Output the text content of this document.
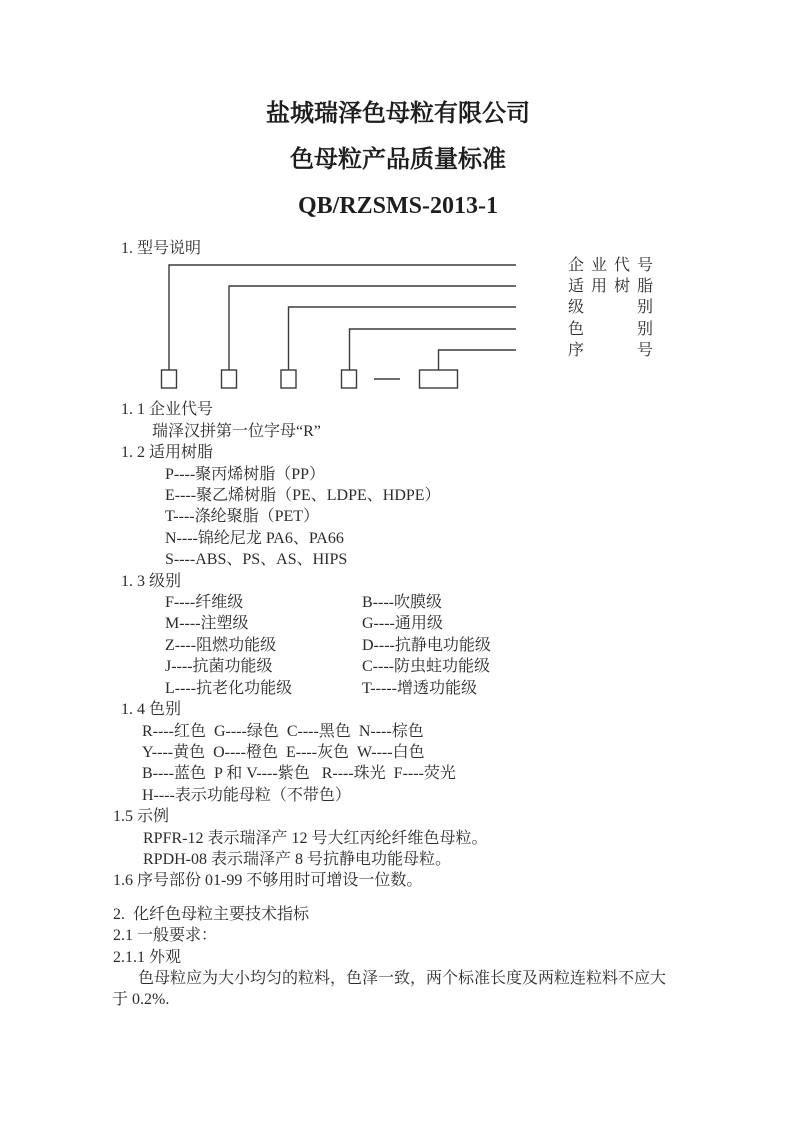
盐城瑞泽色母粒有限公司
色母粒产品质量标准
QB/RZSMS-2013-1
1. 型号说明
企业代号
适用树脂
级别
色别
序号
1. 1 企业代号
瑞泽汉拼第一位字母“R”
1. 2 适用树脂
P----聚丙烯树脂（PP）
E----聚乙烯树脂（PE、LDPE、HDPE）
T----涤纶聚脂（PET）
N----锦纶尼龙 PA6、PA66
S----ABS、PS、AS、HIPS
1. 3 级别
F----纤维级	B----吹膜级
M----注塑级	G----通用级
Z----阻燃功能级	D----抗静电功能级
J----抗菌功能级	C----防虫蛀功能级
L----抗老化功能级	T-----增透功能级
1. 4 色别
R----红色  G----绿色  C----黑色  N----棕色
Y----黄色  O----橙色  E----灰色  W----白色
B----蓝色  P 和 V----紫色   R----珠光  F----荧光
H----表示功能母粒（不带色）
1.5 示例
RPFR-12 表示瑞泽产 12 号大红丙纶纤维色母粒。
RPDH-08 表示瑞泽产 8 号抗静电功能母粒。
1.6 序号部份 01-99 不够用时可增设一位数。
2.  化纤色母粒主要技术指标
2.1 一般要求：
2.1.1 外观
色母粒应为大小均匀的粒料，色泽一致，两个标准长度及两粒连粒料不应大
于 0.2%.
